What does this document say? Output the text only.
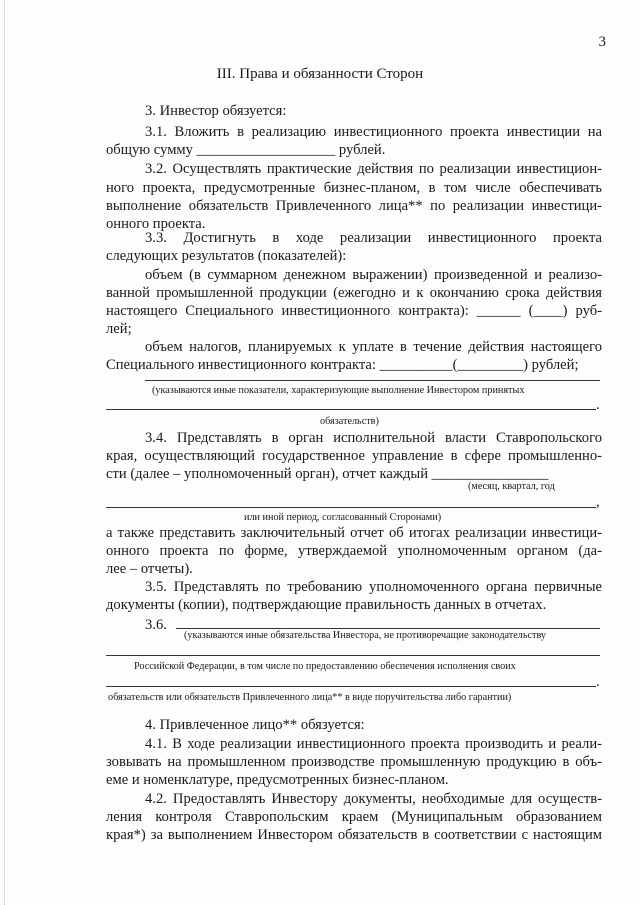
3
III. Права и обязанности Сторон
3. Инвестор обязуется:
3.1. Вложить в реализацию инвестиционного проекта инвестиции на
общую сумму ___________________ рублей.
3.2. Осуществлять практические действия по реализации инвестицион-
ного проекта, предусмотренные бизнес-планом, в том числе обеспечивать
выполнение обязательств Привлеченного лица** по реализации инвестици-
онного проекта.
3.3. Достигнуть в ходе реализации инвестиционного проекта
следующих результатов (показателей):
объем (в суммарном денежном выражении) произведенной и реализо-
ванной промышленной продукции (ежегодно и к окончанию срока действия
настоящего Специального инвестиционного контракта): ______ (____) руб-
лей;
объем налогов, планируемых к уплате в течение действия настоящего
Специального инвестиционного контракта: __________(_________) рублей;
(указываются иные показатели, характеризующие выполнение Инвестором принятых
.
обязательств)
3.4. Представлять в орган исполнительной власти Ставропольского
края, осуществляющий государственное управление в сфере промышленно-
сти (далее – уполномоченный орган), отчет каждый ________________
(месяц, квартал, год
,
или иной период, согласованный Сторонами)
а также представить заключительный отчет об итогах реализации инвестици-
онного проекта по форме, утверждаемой уполномоченным органом (да-
лее – отчеты).
3.5. Представлять по требованию уполномоченного органа первичные
документы (копии), подтверждающие правильность данных в отчетах.
3.6.
(указываются иные обязательства Инвестора, не противоречащие законодательству
Российской Федерации, в том числе по предоставлению обеспечения исполнения своих
.
обязательств или обязательств Привлеченного лица** в виде поручительства либо гарантии)
4. Привлеченное лицо** обязуется:
4.1. В ходе реализации инвестиционного проекта производить и реали-
зовывать на промышленном производстве промышленную продукцию в объ-
еме и номенклатуре, предусмотренных бизнес-планом.
4.2. Предоставлять Инвестору документы, необходимые для осуществ-
ления контроля Ставропольским краем (Муниципальным образованием
края*) за выполнением Инвестором обязательств в соответствии с настоящим
